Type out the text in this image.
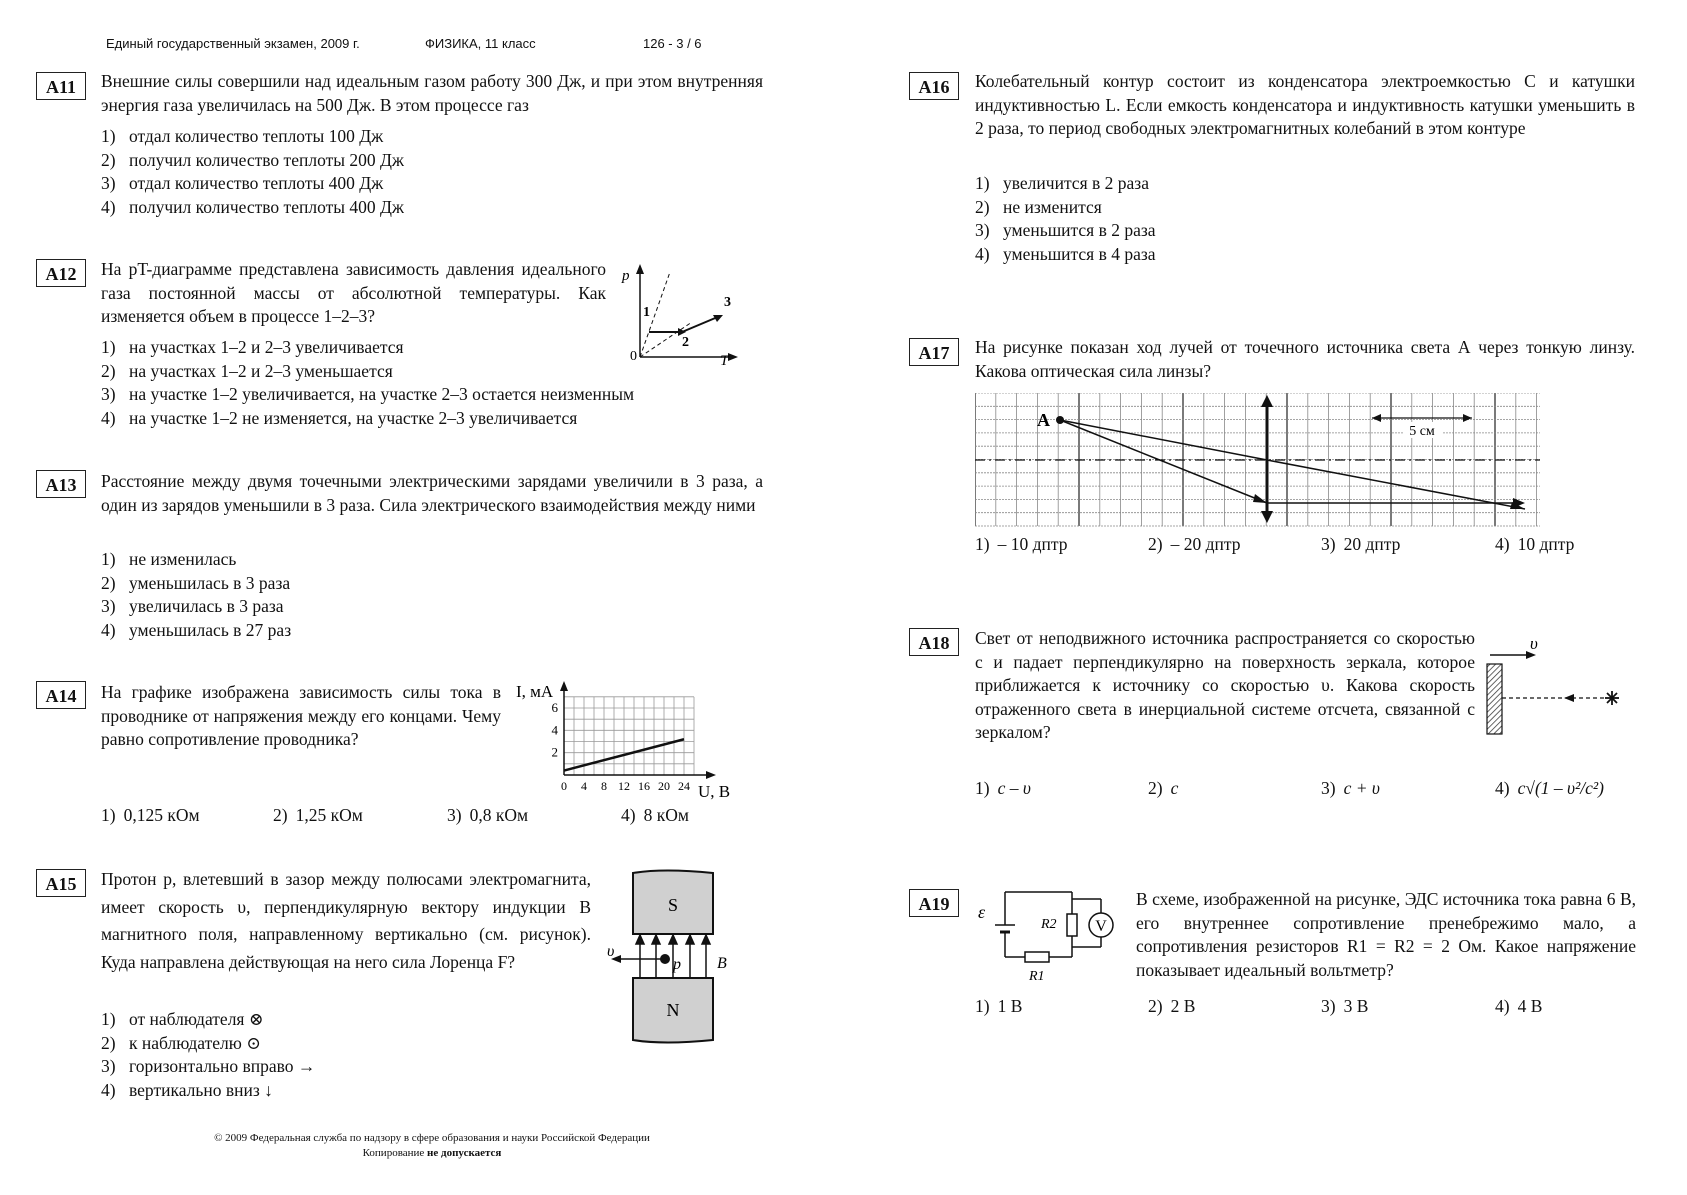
Единый государственный экзамен, 2009 г.	ФИЗИКА, 11 класс	126 - 3 / 6
A11	Внешние силы совершили над идеальным газом работу 300 Дж, и при этом внутренняя энергия газа увеличилась на 500 Дж. В этом процессе газ
1) отдал количество теплоты 100 Дж
2) получил количество теплоты 200 Дж
3) отдал количество теплоты 400 Дж
4) получил количество теплоты 400 Дж
A12	На pT-диаграмме представлена зависимость давления идеального газа постоянной массы от абсолютной температуры. Как изменяется объем в процессе 1–2–3?
p
T
0
1
2
3
1) на участках 1–2 и 2–3 увеличивается
2) на участках 1–2 и 2–3 уменьшается
3) на участке 1–2 увеличивается, на участке 2–3 остается неизменным
4) на участке 1–2 не изменяется, на участке 2–3 увеличивается
A13	Расстояние между двумя точечными электрическими зарядами увеличили в 3 раза, а один из зарядов уменьшили в 3 раза. Сила электрического взаимодействия между ними
1) не изменилась
2) уменьшилась в 3 раза
3) увеличилась в 3 раза
4) уменьшилась в 27 раз
A14	На графике изображена зависимость силы тока в проводнике от напряжения между его концами. Чему равно сопротивление проводника?
0 4 8 12 16 20 24
2
4
6
I, мА
U, В
1) 0,125 кОм	2) 1,25 кОм	3) 0,8 кОм	4) 8 кОм
A15	Протон p, влетевший в зазор между полюсами электромагнита, имеет скорость υ, перпендикулярную вектору индукции B магнитного поля, направленному вертикально (см. рисунок). Куда направлена действующая на него сила Лоренца F?
S
N
υ
p B
1) от наблюдателя ⊗
2) к наблюдателю ⊙
3) горизонтально вправо →
4) вертикально вниз ↓
© 2009 Федеральная служба по надзору в сфере образования и науки Российской Федерации
Копирование не допускается
A16	Колебательный контур состоит из конденсатора электроемкостью C и катушки индуктивностью L. Если емкость конденсатора и индуктивность катушки уменьшить в 2 раза, то период свободных электромагнитных колебаний в этом контуре
1) увеличится в 2 раза
2) не изменится
3) уменьшится в 2 раза
4) уменьшится в 4 раза
A17	На рисунке показан ход лучей от точечного источника света А через тонкую линзу. Какова оптическая сила линзы?
A
5 см
1) – 10 дптр	2) – 20 дптр	3) 20 дптр	4) 10 дптр
A18	Свет от неподвижного источника распространяется со скоростью c и падает перпендикулярно на поверхность зеркала, которое приближается к источнику со скоростью υ. Какова скорость отраженного света в инерциальной системе отсчета, связанной с зеркалом?
υ
1) c – υ	2) c	3) c + υ	4) c√(1 – υ²/c²)
A19
V
ε
R2
R1
В схеме, изображенной на рисунке, ЭДС источника тока равна 6 В, его внутреннее сопротивление пренебрежимо мало, а сопротивления резисторов R1 = R2 = 2 Ом. Какое напряжение показывает идеальный вольтметр?
1) 1 В	2) 2 В	3) 3 В	4) 4 В
